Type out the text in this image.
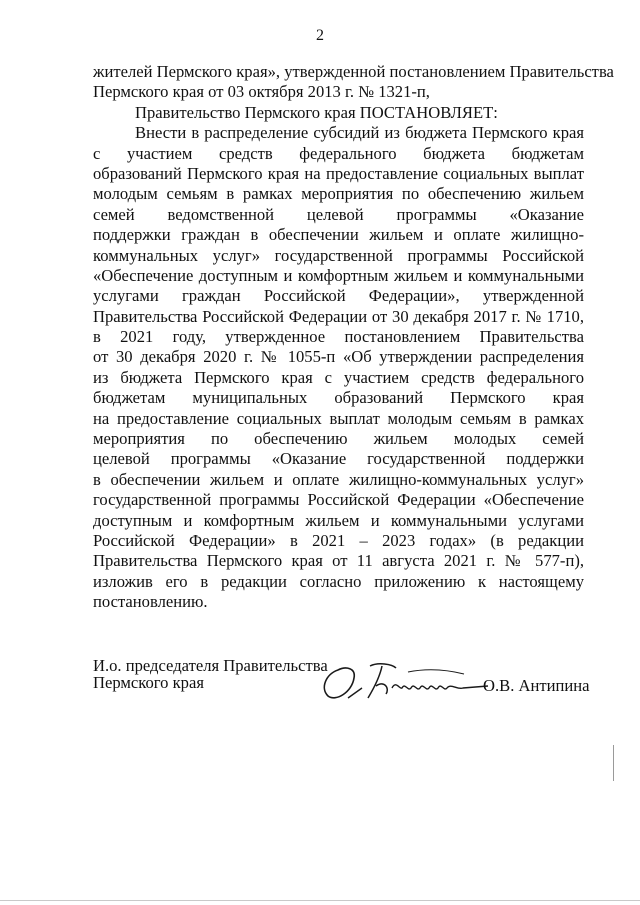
2
жителей Пермского края», утвержденной постановлением Правительства
Пермского края от 03 октября 2013 г. № 1321-п,
Правительство Пермского края ПОСТАНОВЛЯЕТ:
Внести в распределение субсидий из бюджета Пермского края
с участием средств федерального бюджета бюджетам
образований Пермского края на предоставление социальных выплат
молодым семьям в рамках мероприятия по обеспечению жильем
семей ведомственной целевой программы «Оказание
поддержки граждан в обеспечении жильем и оплате жилищно-
коммунальных услуг» государственной программы Российской
«Обеспечение доступным и комфортным жильем и коммунальными
услугами граждан Российской Федерации», утвержденной
Правительства Российской Федерации от 30 декабря 2017 г. № 1710,
в 2021 году, утвержденное постановлением Правительства
от 30 декабря 2020 г. № 1055-п «Об утверждении распределения
из бюджета Пермского края с участием средств федерального
бюджетам муниципальных образований Пермского края
на предоставление социальных выплат молодым семьям в рамках
мероприятия по обеспечению жильем молодых семей
целевой программы «Оказание государственной поддержки
в обеспечении жильем и оплате жилищно-коммунальных услуг»
государственной программы Российской Федерации «Обеспечение
доступным и комфортным жильем и коммунальными услугами
Российской Федерации» в 2021 – 2023 годах» (в редакции
Правительства Пермского края от 11 августа 2021 г. № 577-п),
изложив его в редакции согласно приложению к настоящему
постановлению.
И.о. председателя Правительства
Пермского края	О.В. Антипина
